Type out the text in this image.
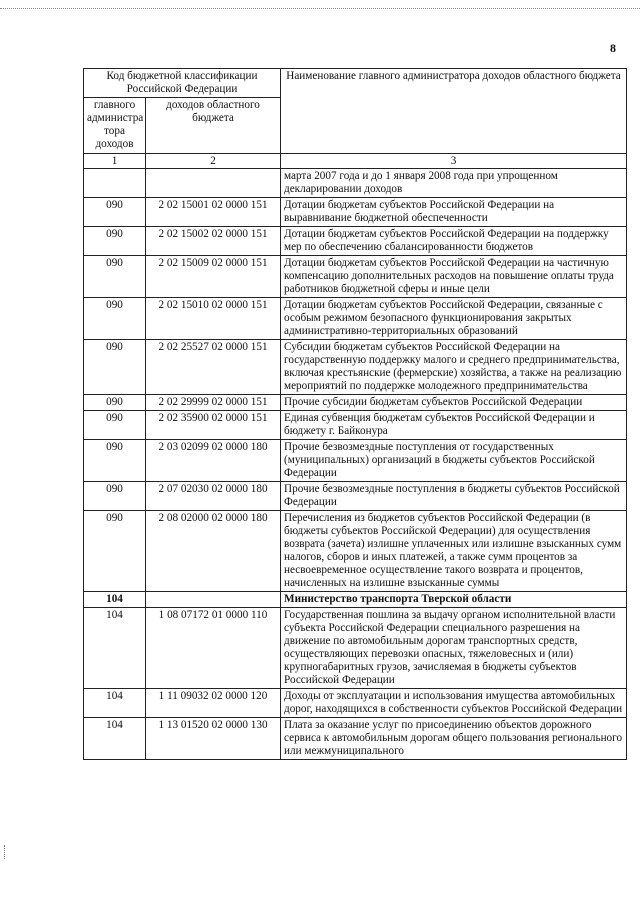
8
Код бюджетной классификации Российской Федерации		Наименование главного администратора доходов областного бюджета
главного администра тора доходов	доходов областного бюджета	
1	2	3
		марта 2007 года и до 1 января 2008 года при упрощенном декларировании доходов
090	2 02 15001 02 0000 151	Дотации бюджетам субъектов Российской Федерации на выравнивание бюджетной обеспеченности
090	2 02 15002 02 0000 151	Дотации бюджетам субъектов Российской Федерации на поддержку мер по обеспечению сбалансированности бюджетов
090	2 02 15009 02 0000 151	Дотации бюджетам субъектов Российской Федерации на частичную компенсацию дополнительных расходов на повышение оплаты труда работников бюджетной сферы и иные цели
090	2 02 15010 02 0000 151	Дотации бюджетам субъектов Российской Федерации, связанные с особым режимом безопасного функционирования закрытых административно-территориальных образований
090	2 02 25527 02 0000 151	Субсидии бюджетам субъектов Российской Федерации на государственную поддержку малого и среднего предпринимательства, включая крестьянские (фермерские) хозяйства, а также на реализацию мероприятий по поддержке молодежного предпринимательства
090	2 02 29999 02 0000 151	Прочие субсидии бюджетам субъектов Российской Федерации
090	2 02 35900 02 0000 151	Единая субвенция бюджетам субъектов Российской Федерации и бюджету г. Байконура
090	2 03 02099 02 0000 180	Прочие безвозмездные поступления от государственных (муниципальных) организаций в бюджеты субъектов Российской Федерации
090	2 07 02030 02 0000 180	Прочие безвозмездные поступления в бюджеты субъектов Российской Федерации
090	2 08 02000 02 0000 180	Перечисления из бюджетов субъектов Российской Федерации (в бюджеты субъектов Российской Федерации) для осуществления возврата (зачета) излишне уплаченных или излишне взысканных сумм налогов, сборов и иных платежей, а также сумм процентов за несвоевременное осуществление такого возврата и процентов, начисленных на излишне взысканные суммы
104		Министерство транспорта Тверской области
104	1 08 07172 01 0000 110	Государственная пошлина за выдачу органом исполнительной власти субъекта Российской Федерации специального разрешения на движение по автомобильным дорогам транспортных средств, осуществляющих перевозки опасных, тяжеловесных и (или) крупногабаритных грузов, зачисляемая в бюджеты субъектов Российской Федерации
104	1 11 09032 02 0000 120	Доходы от эксплуатации и использования имущества автомобильных дорог, находящихся в собственности субъектов Российской Федерации
104	1 13 01520 02 0000 130	Плата за оказание услуг по присоединению объектов дорожного сервиса к автомобильным дорогам общего пользования регионального или межмуниципального
